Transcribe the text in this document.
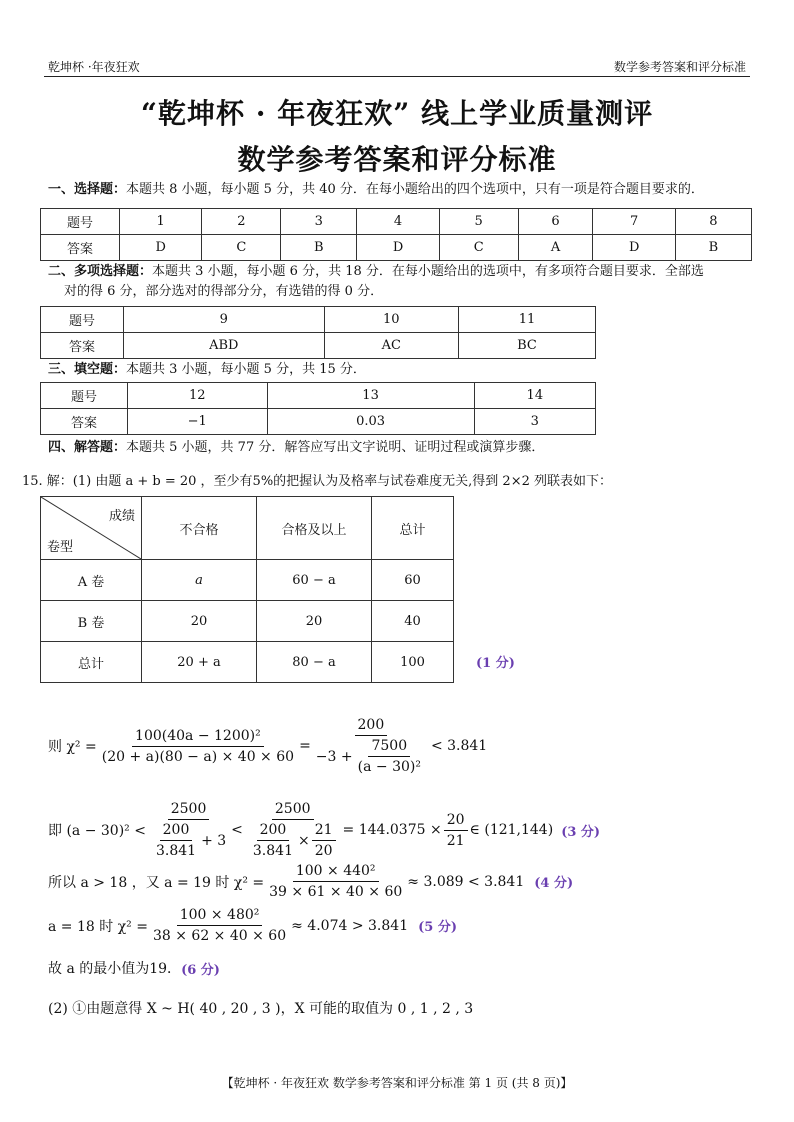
乾坤杯 ·年夜狂欢	数学参考答案和评分标准
“乾坤杯 · 年夜狂欢” 线上学业质量测评
数学参考答案和评分标准
一、选择题：本题共 8 小题，每小题 5 分，共 40 分．在每小题给出的四个选项中，只有一项是符合题目要求的．
题号	1	2	3	4	5	6	7	8
答案	D	C	B	D	C	A	D	B
二、多项选择题：本题共 3 小题，每小题 6 分，共 18 分．在每小题给出的选项中，有多项符合题目要求．全部选
对的得 6 分，部分选对的得部分分，有选错的得 0 分．
题号	9	10	11
答案	ABD	AC	BC
三、填空题：本题共 3 小题，每小题 5 分，共 15 分．
题号	12	13	14
答案	−1	0.03	3
四、解答题：本题共 5 小题，共 77 分．解答应写出文字说明、证明过程或演算步骤．
15. 解：(1) 由题 a + b = 20 ，至少有5%的把握认为及格率与试卷难度无关,得到 2×2 列联表如下：
成绩
卷型	不合格	合格及以上	总计
A 卷	a	60 − a	60
B 卷	20	20	40
总计	20 + a	80 − a	100	(1 分)
则 $\chi^2 = \frac{\text{100(40a − 1200)²}}{(20 + a)(80 - a) \times 40 \times 60} = \frac{200}{-3 + \frac{7500}{\text{(a − 30)²}}} < 3.841$
即 $(a - 30)^2 < \frac{2500}{\frac{200}{3.841} + 3}$ <
2500
$\frac{200}{3.841} \times \frac{21}{20} = 144.0375 \times \frac{20}{21}$ ∈ (121,144) (3 分)
所以 a > 18 ，又 a = 19 时 $\chi^2 = \frac{\text{100 × 440²}}{39 \times 61 \times 40 \times 60} \approx 3.089 < 3.841$ (4 分)
a = 18 时 $\chi^2 = \frac{\text{100 × 480²}}{38 \times 62 \times 40 \times 60} \approx 4.074 > 3.841$ (5 分)
故 a 的最小值为19． (6 分)
(2) ①由题意得 X ~ H( 40 , 20 , 3 )，X 可能的取值为 0 , 1 , 2 , 3
【乾坤杯 · 年夜狂欢 数学参考答案和评分标准 第 1 页 (共 8 页)】
